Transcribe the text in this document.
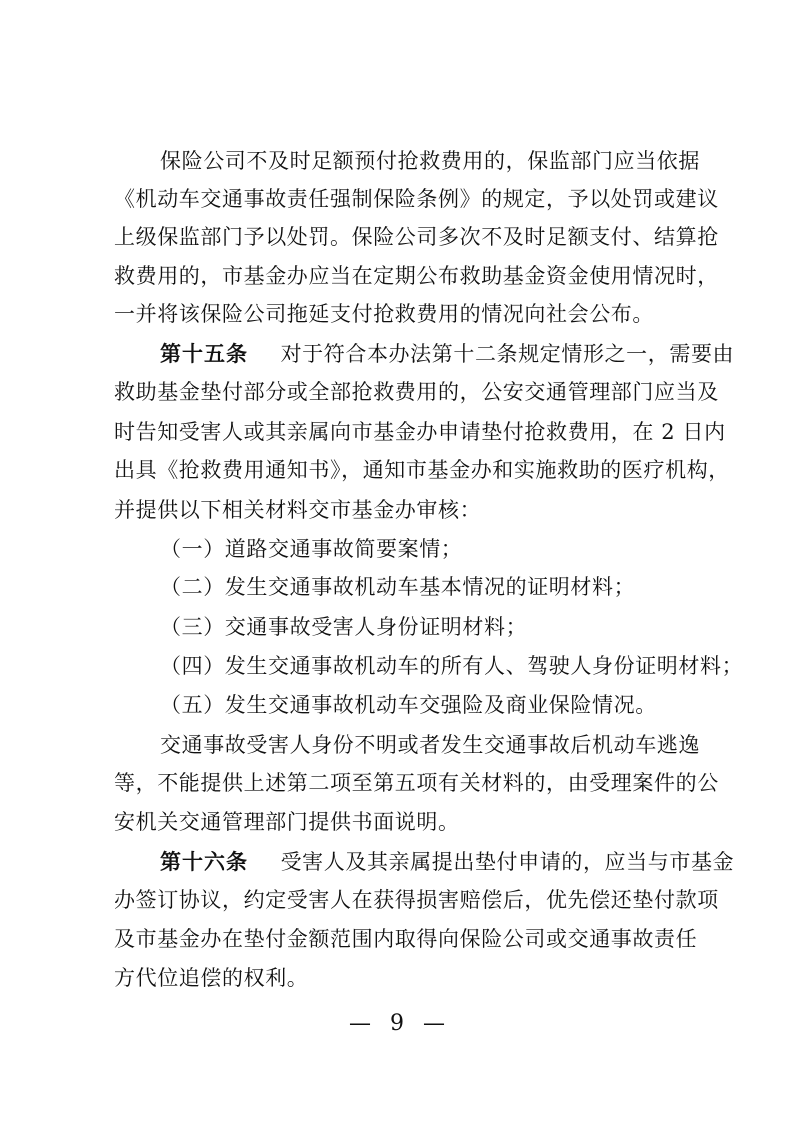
保险公司不及时足额预付抢救费用的，保监部门应当依据
《机动车交通事故责任强制保险条例》的规定，予以处罚或建议
上级保监部门予以处罚。保险公司多次不及时足额支付、结算抢
救费用的，市基金办应当在定期公布救助基金资金使用情况时，
一并将该保险公司拖延支付抢救费用的情况向社会公布。
第十五条 对于符合本办法第十二条规定情形之一，需要由
救助基金垫付部分或全部抢救费用的，公安交通管理部门应当及
时告知受害人或其亲属向市基金办申请垫付抢救费用，在 2 日内
出具《抢救费用通知书》，通知市基金办和实施救助的医疗机构，
并提供以下相关材料交市基金办审核：
（一）道路交通事故简要案情；
（二）发生交通事故机动车基本情况的证明材料；
（三）交通事故受害人身份证明材料；
（四）发生交通事故机动车的所有人、驾驶人身份证明材料；
（五）发生交通事故机动车交强险及商业保险情况。
交通事故受害人身份不明或者发生交通事故后机动车逃逸
等，不能提供上述第二项至第五项有关材料的，由受理案件的公
安机关交通管理部门提供书面说明。
第十六条 受害人及其亲属提出垫付申请的，应当与市基金
办签订协议，约定受害人在获得损害赔偿后，优先偿还垫付款项
及市基金办在垫付金额范围内取得向保险公司或交通事故责任
方代位追偿的权利。
— 9 —
